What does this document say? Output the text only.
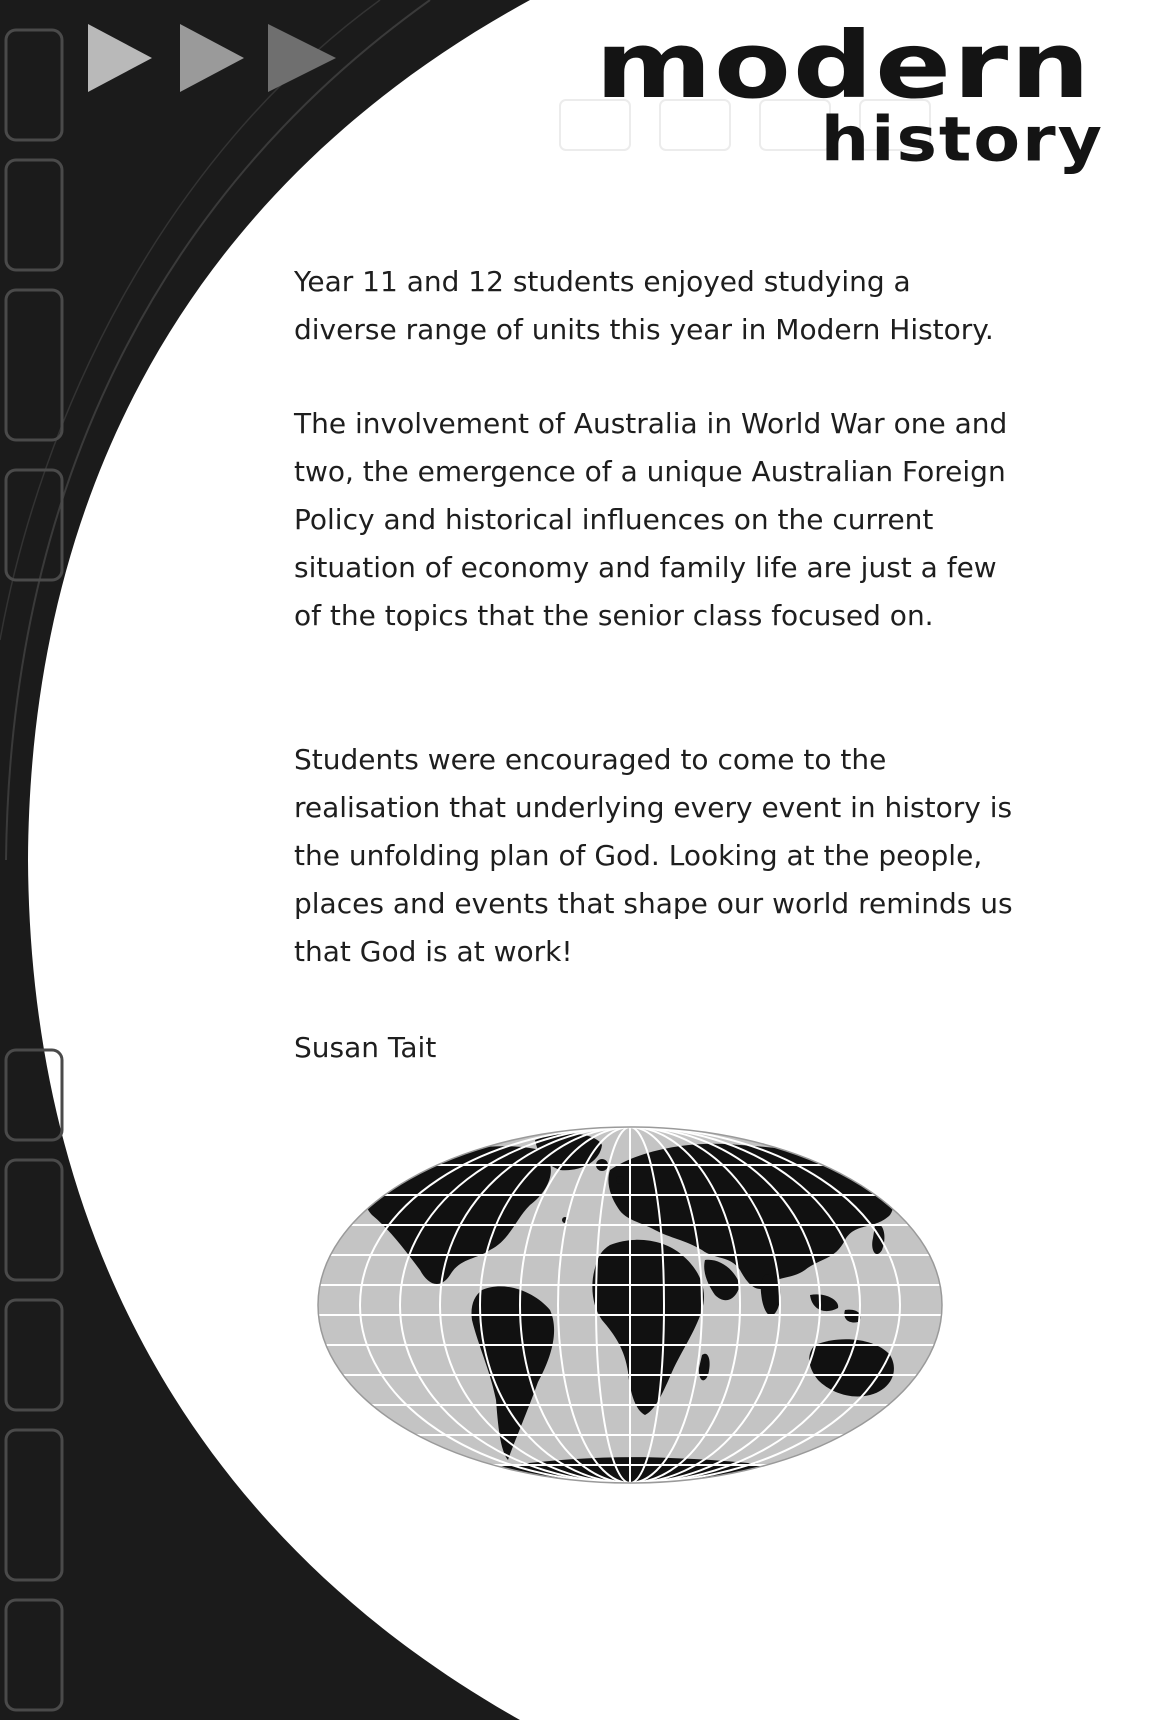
modern
history

Year 11 and 12 students enjoyed studying a diverse range of units this year in Modern History.

The involvement of Australia in World War one and two, the emergence of a unique Australian Foreign Policy and historical influences on the current situation of economy and family life are just a few of the topics that the senior class focused on.

Students were encouraged to come to the realisation that underlying every event in history is the unfolding plan of God. Looking at the people, places and events that shape our world reminds us that God is at work!

Susan Tait
